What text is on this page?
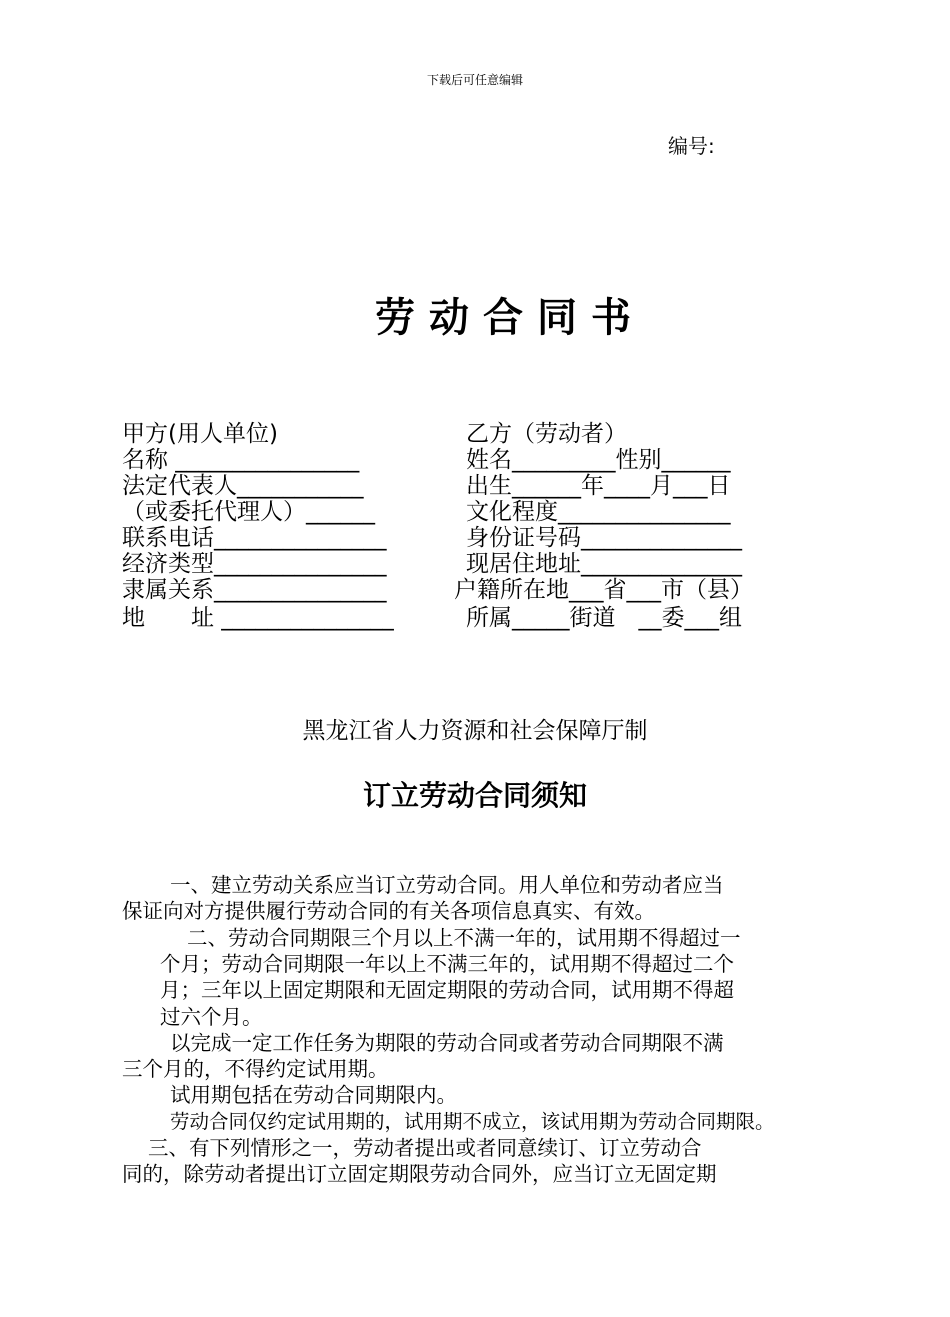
下载后可任意编辑
编号:
劳动合同书
甲方(用人单位)
名称 ________________
法定代表人___________
（或委托代理人）______
联系电话_______________
经济类型_______________
隶属关系_______________
地　　址 _______________
乙方（劳动者）
姓名_________性别______
出生______年____月___日
文化程度_______________
身份证号码______________
现居住地址______________
户籍所在地___省___市（县）
所属_____街道　__委___组
黑龙江省人力资源和社会保障厅制
订立劳动合同须知
一、建立劳动关系应当订立劳动合同。用人单位和劳动者应当
保证向对方提供履行劳动合同的有关各项信息真实、有效。
二、劳动合同期限三个月以上不满一年的，试用期不得超过一
个月；劳动合同期限一年以上不满三年的，试用期不得超过二个
月；三年以上固定期限和无固定期限的劳动合同，试用期不得超
过六个月。
以完成一定工作任务为期限的劳动合同或者劳动合同期限不满
三个月的，不得约定试用期。
试用期包括在劳动合同期限内。
劳动合同仅约定试用期的，试用期不成立，该试用期为劳动合同期限。
三、有下列情形之一，劳动者提出或者同意续订、订立劳动合
同的，除劳动者提出订立固定期限劳动合同外，应当订立无固定期
